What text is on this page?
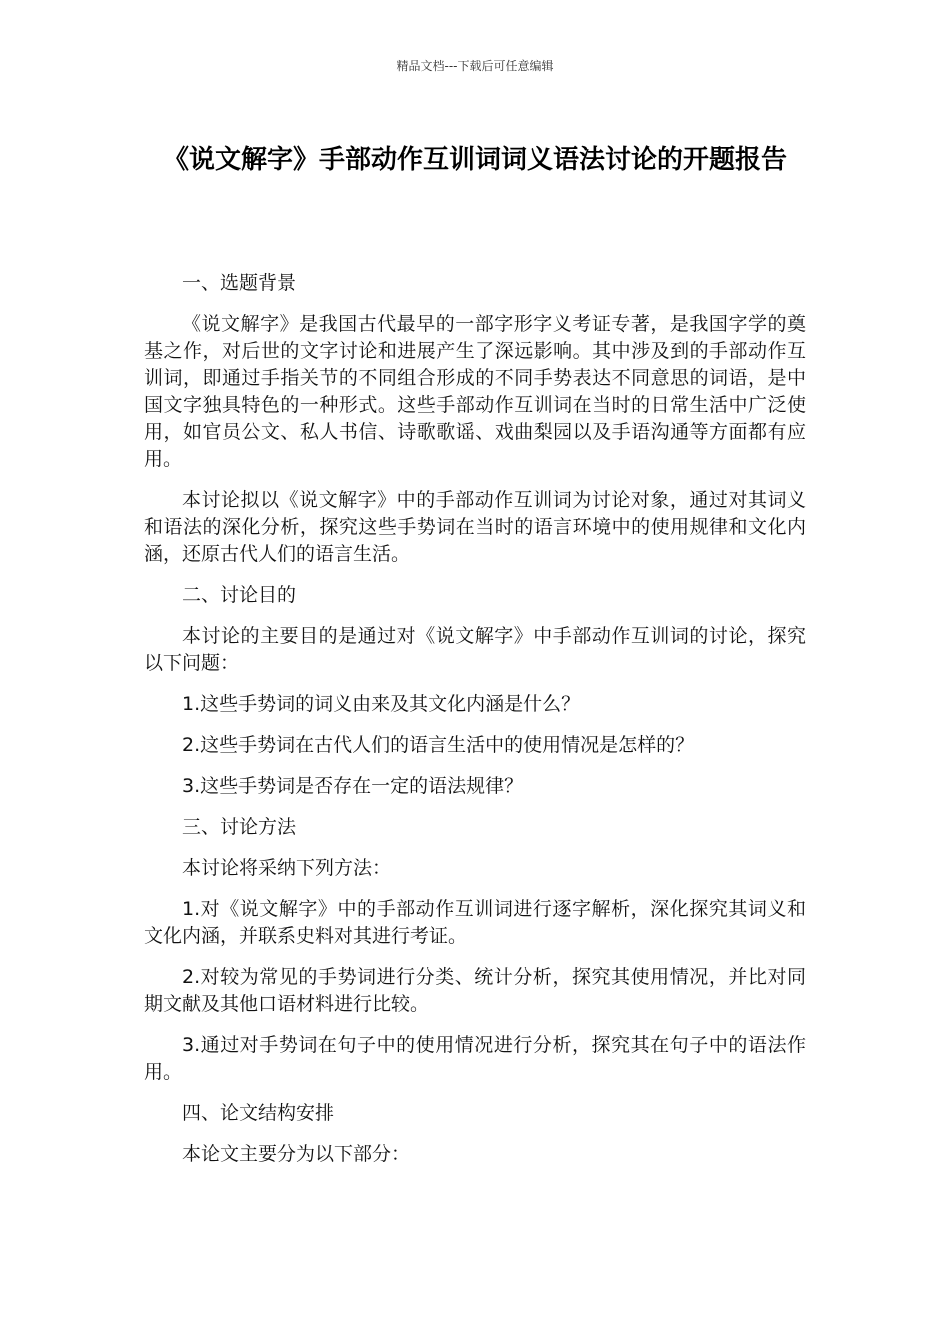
精品文档---下载后可任意编辑
《说文解字》手部动作互训词词义语法讨论的开题报告

一、选题背景

《说文解字》是我国古代最早的一部字形字义考证专著，是我国字学的奠基之作，对后世的文字讨论和进展产生了深远影响。其中涉及到的手部动作互训词，即通过手指关节的不同组合形成的不同手势表达不同意思的词语，是中国文字独具特色的一种形式。这些手部动作互训词在当时的日常生活中广泛使用，如官员公文、私人书信、诗歌歌谣、戏曲梨园以及手语沟通等方面都有应用。

本讨论拟以《说文解字》中的手部动作互训词为讨论对象，通过对其词义和语法的深化分析，探究这些手势词在当时的语言环境中的使用规律和文化内涵，还原古代人们的语言生活。

二、讨论目的

本讨论的主要目的是通过对《说文解字》中手部动作互训词的讨论，探究以下问题：

1.这些手势词的词义由来及其文化内涵是什么？

2.这些手势词在古代人们的语言生活中的使用情况是怎样的？

3.这些手势词是否存在一定的语法规律？

三、讨论方法

本讨论将采纳下列方法：

1.对《说文解字》中的手部动作互训词进行逐字解析，深化探究其词义和文化内涵，并联系史料对其进行考证。

2.对较为常见的手势词进行分类、统计分析，探究其使用情况，并比对同期文献及其他口语材料进行比较。

3.通过对手势词在句子中的使用情况进行分析，探究其在句子中的语法作用。

四、论文结构安排

本论文主要分为以下部分：
